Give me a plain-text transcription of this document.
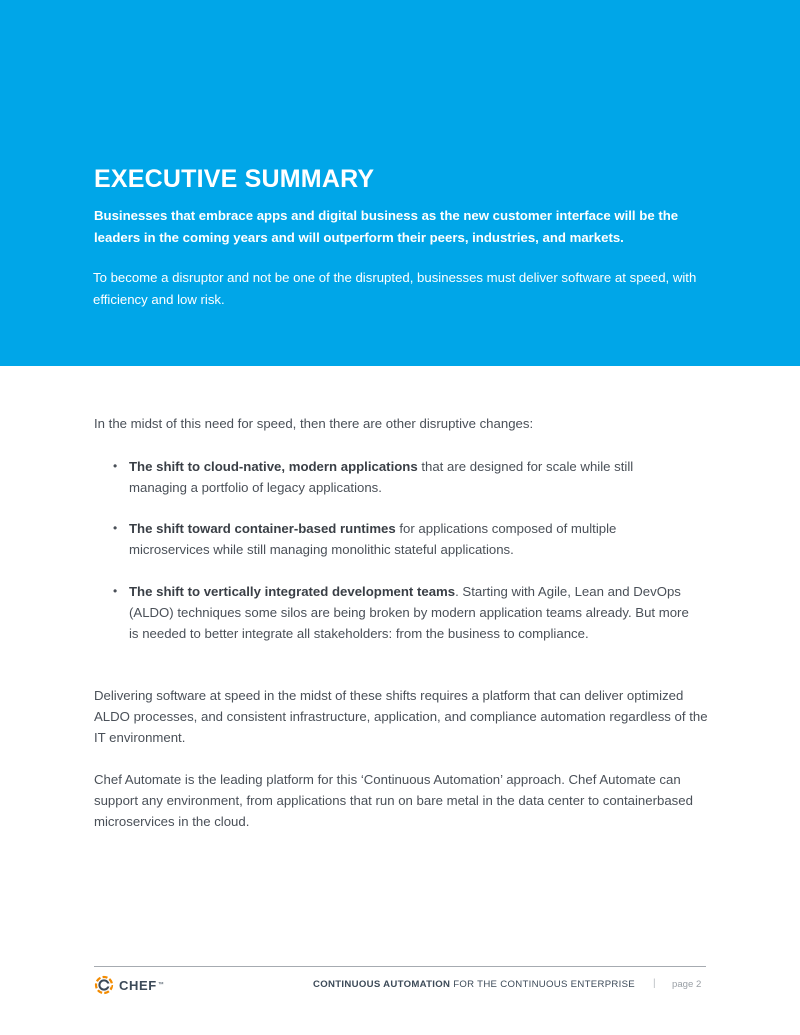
EXECUTIVE SUMMARY

Businesses that embrace apps and digital business as the new customer interface will be the leaders in the coming years and will outperform their peers, industries, and markets.

To become a disruptor and not be one of the disrupted, businesses must deliver software at speed, with efficiency and low risk.

In the midst of this need for speed, then there are other disruptive changes:

• The shift to cloud-native, modern applications that are designed for scale while still managing a portfolio of legacy applications.
• The shift toward container-based runtimes for applications composed of multiple microservices while still managing monolithic stateful applications.
• The shift to vertically integrated development teams. Starting with Agile, Lean and DevOps (ALDO) techniques some silos are being broken by modern application teams already. But more is needed to better integrate all stakeholders: from the business to compliance.

Delivering software at speed in the midst of these shifts requires a platform that can deliver optimized ALDO processes, and consistent infrastructure, application, and compliance automation regardless of the IT environment.

Chef Automate is the leading platform for this ‘Continuous Automation’ approach. Chef Automate can support any environment, from applications that run on bare metal in the data center to containerbased microservices in the cloud.

CHEF ™	CONTINUOUS AUTOMATION FOR THE CONTINUOUS ENTERPRISE | page 2
